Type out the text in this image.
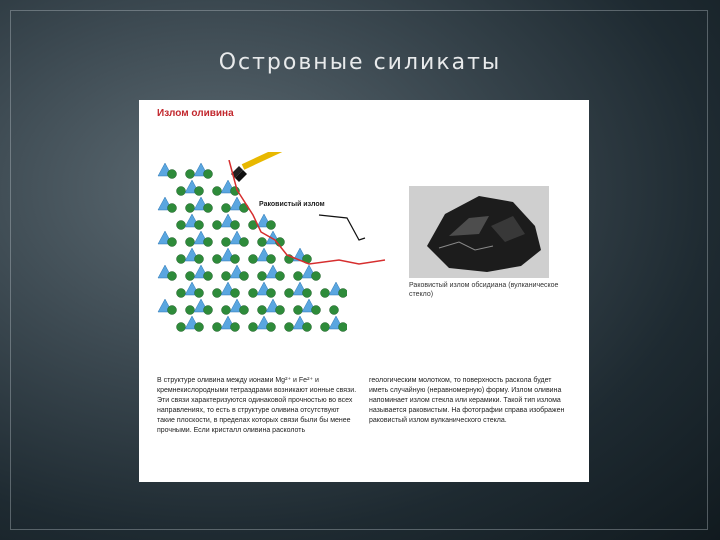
Островные силикаты
Излом оливина
Раковистый излом
Раковистый излом обсидиана (вулканическое стекло)
В структуре оливина между ионами Mg²⁺ и Fe²⁺ и кремнекислородными тетраэдрами возникают ионные связи. Эти связи характеризуются одинаковой прочностью во всех направлениях, то есть в структуре оливина отсутствуют такие плоскости, в пределах которых связи были бы менее прочными. Если кристалл оливина расколоть
геологическим молотком, то поверхность раскола будет иметь случайную (неравномерную) форму. Излом оливина напоминает излом стекла или керамики. Такой тип излома называется раковистым. На фотографии справа изображен раковистый излом вулканического стекла.
